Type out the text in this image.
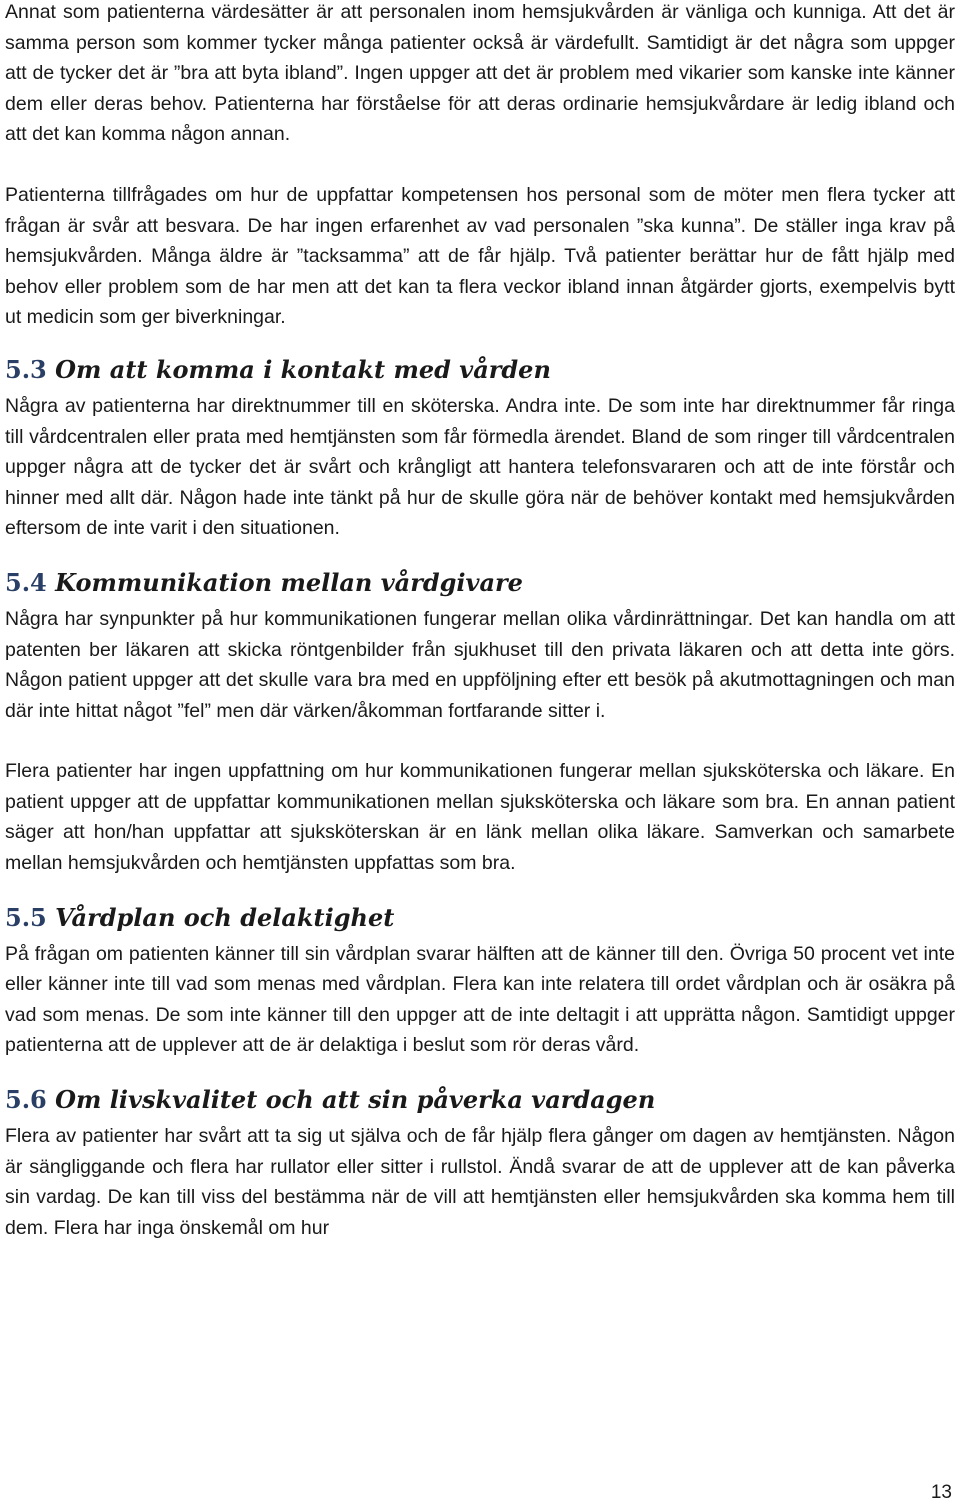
Annat som patienterna värdesätter är att personalen inom hemsjukvården är vänliga och kunniga. Att det är samma person som kommer tycker många patienter också är värdefullt. Samtidigt är det några som uppger att de tycker det är ”bra att byta ibland”. Ingen uppger att det är problem med vikarier som kanske inte känner dem eller deras behov. Patienterna har förståelse för att deras ordinarie hemsjukvårdare är ledig ibland och att det kan komma någon annan.

Patienterna tillfrågades om hur de uppfattar kompetensen hos personal som de möter men flera tycker att frågan är svår att besvara. De har ingen erfarenhet av vad personalen ”ska kunna”. De ställer inga krav på hemsjukvården. Många äldre är ”tacksamma” att de får hjälp. Två patienter berättar hur de fått hjälp med behov eller problem som de har men att det kan ta flera veckor ibland innan åtgärder gjorts, exempelvis bytt ut medicin som ger biverkningar.

5.3 Om att komma i kontakt med vården

Några av patienterna har direktnummer till en sköterska. Andra inte. De som inte har direktnummer får ringa till vårdcentralen eller prata med hemtjänsten som får förmedla ärendet. Bland de som ringer till vårdcentralen uppger några att de tycker det är svårt och krångligt att hantera telefonsvararen och att de inte förstår och hinner med allt där. Någon hade inte tänkt på hur de skulle göra när de behöver kontakt med hemsjukvården eftersom de inte varit i den situationen.

5.4 Kommunikation mellan vårdgivare

Några har synpunkter på hur kommunikationen fungerar mellan olika vårdinrättningar. Det kan handla om att patenten ber läkaren att skicka röntgenbilder från sjukhuset till den privata läkaren och att detta inte görs. Någon patient uppger att det skulle vara bra med en uppföljning efter ett besök på akutmottagningen och man där inte hittat något ”fel” men där värken/åkomman fortfarande sitter i.

Flera patienter har ingen uppfattning om hur kommunikationen fungerar mellan sjuksköterska och läkare. En patient uppger att de uppfattar kommunikationen mellan sjuksköterska och läkare som bra. En annan patient säger att hon/han uppfattar att sjuksköterskan är en länk mellan olika läkare. Samverkan och samarbete mellan hemsjukvården och hemtjänsten uppfattas som bra.

5.5 Vårdplan och delaktighet

På frågan om patienten känner till sin vårdplan svarar hälften att de känner till den. Övriga 50 procent vet inte eller känner inte till vad som menas med vårdplan. Flera kan inte relatera till ordet vårdplan och är osäkra på vad som menas. De som inte känner till den uppger att de inte deltagit i att upprätta någon. Samtidigt uppger patienterna att de upplever att de är delaktiga i beslut som rör deras vård.

5.6 Om livskvalitet och att sin påverka vardagen

Flera av patienter har svårt att ta sig ut själva och de får hjälp flera gånger om dagen av hemtjänsten. Någon är sängliggande och flera har rullator eller sitter i rullstol. Ändå svarar de att de upplever att de kan påverka sin vardag. De kan till viss del bestämma när de vill att hemtjänsten eller hemsjukvården ska komma hem till dem. Flera har inga önskemål om hur

13
